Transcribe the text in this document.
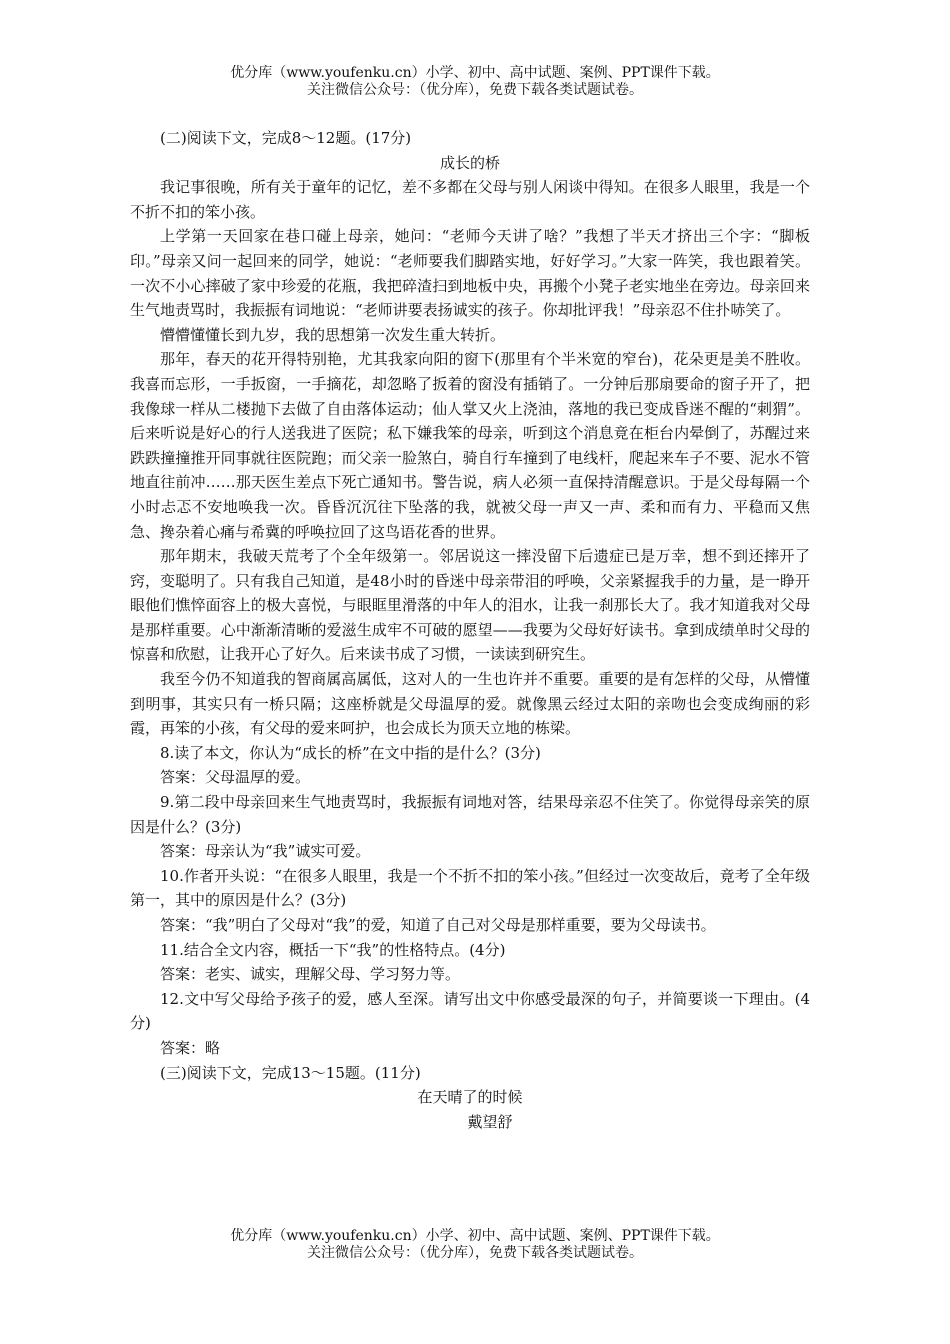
优分库（www.youfenku.cn）小学、初中、高中试题、案例、PPT课件下载。
关注微信公众号：（优分库），免费下载各类试题试卷。

(二)阅读下文，完成8～12题。(17分)

成长的桥

我记事很晚，所有关于童年的记忆，差不多都在父母与别人闲谈中得知。在很多人眼里，我是一个不折不扣的笨小孩。

上学第一天回家在巷口碰上母亲，她问：“老师今天讲了啥？”我想了半天才挤出三个字：“脚板印。”母亲又问一起回来的同学，她说：“老师要我们脚踏实地，好好学习。”大家一阵笑，我也跟着笑。一次不小心摔破了家中珍爱的花瓶，我把碎渣扫到地板中央，再搬个小凳子老实地坐在旁边。母亲回来生气地责骂时，我振振有词地说：“老师讲要表扬诚实的孩子。你却批评我！”母亲忍不住扑哧笑了。

懵懵懂懂长到九岁，我的思想第一次发生重大转折。

那年，春天的花开得特别艳，尤其我家向阳的窗下(那里有个半米宽的窄台)，花朵更是美不胜收。我喜而忘形，一手扳窗，一手摘花，却忽略了扳着的窗没有插销了。一分钟后那扇要命的窗子开了，把我像球一样从二楼抛下去做了自由落体运动；仙人掌又火上浇油，落地的我已变成昏迷不醒的“刺猬”。后来听说是好心的行人送我进了医院；私下嫌我笨的母亲，听到这个消息竟在柜台内晕倒了，苏醒过来跌跌撞撞推开同事就往医院跑；而父亲一脸煞白，骑自行车撞到了电线杆，爬起来车子不要、泥水不管地直往前冲……那天医生差点下死亡通知书。警告说，病人必须一直保持清醒意识。于是父母每隔一个小时忐忑不安地唤我一次。昏昏沉沉往下坠落的我，就被父母一声又一声、柔和而有力、平稳而又焦急、搀杂着心痛与希冀的呼唤拉回了这鸟语花香的世界。

那年期末，我破天荒考了个全年级第一。邻居说这一摔没留下后遗症已是万幸，想不到还摔开了窍，变聪明了。只有我自己知道，是48小时的昏迷中母亲带泪的呼唤，父亲紧握我手的力量，是一睁开眼他们憔悴面容上的极大喜悦，与眼眶里滑落的中年人的泪水，让我一刹那长大了。我才知道我对父母是那样重要。心中渐渐清晰的爱滋生成牢不可破的愿望——我要为父母好好读书。拿到成绩单时父母的惊喜和欣慰，让我开心了好久。后来读书成了习惯，一读读到研究生。

我至今仍不知道我的智商属高属低，这对人的一生也许并不重要。重要的是有怎样的父母，从懵懂到明事，其实只有一桥只隔；这座桥就是父母温厚的爱。就像黑云经过太阳的亲吻也会变成绚丽的彩霞，再笨的小孩，有父母的爱来呵护，也会成长为顶天立地的栋梁。

8.读了本文，你认为“成长的桥”在文中指的是什么？(3分)

答案：父母温厚的爱。

9.第二段中母亲回来生气地责骂时，我振振有词地对答，结果母亲忍不住笑了。你觉得母亲笑的原因是什么？(3分)

答案：母亲认为“我”诚实可爱。

10.作者开头说：“在很多人眼里，我是一个不折不扣的笨小孩。”但经过一次变故后，竟考了全年级第一，其中的原因是什么？(3分)

答案：“我”明白了父母对“我”的爱，知道了自己对父母是那样重要，要为父母读书。

11.结合全文内容，概括一下“我”的性格特点。(4分)

答案：老实、诚实，理解父母、学习努力等。

12.文中写父母给予孩子的爱，感人至深。请写出文中你感受最深的句子，并简要谈一下理由。(4分)

答案：略

(三)阅读下文，完成13～15题。(11分)

在天晴了的时候

戴望舒

优分库（www.youfenku.cn）小学、初中、高中试题、案例、PPT课件下载。
关注微信公众号：（优分库），免费下载各类试题试卷。
